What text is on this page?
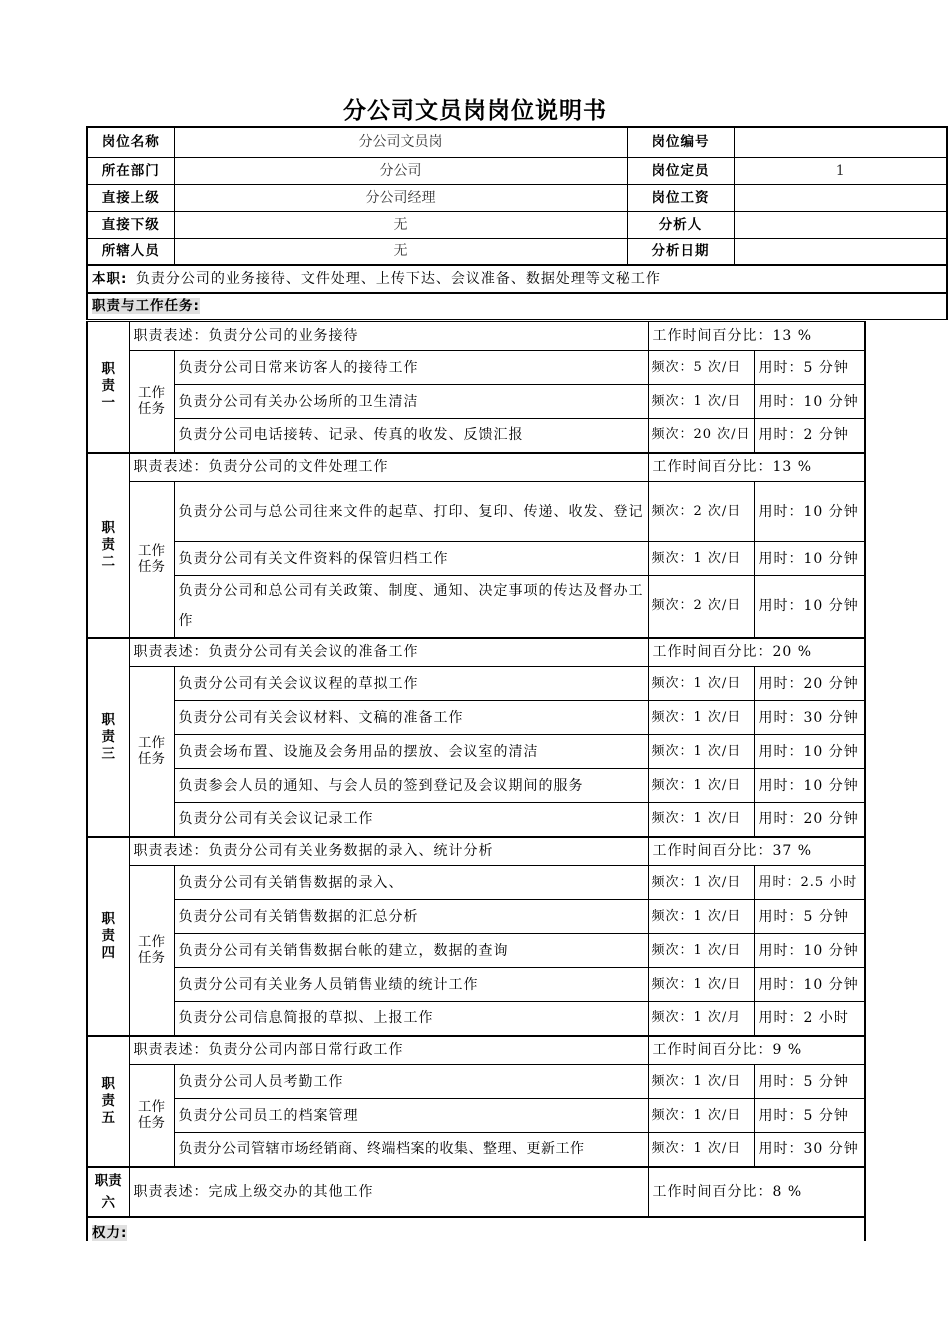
分公司文员岗岗位说明书
岗位名称	分公司文员岗	岗位编号	
所在部门	分公司	岗位定员	1
直接上级	分公司经理	岗位工资	
直接下级	无	分析人	
所辖人员	无	分析日期	
本职: 负责分公司的业务接待、文件处理、上传下达、会议准备、数据处理等文秘工作			
职责与工作任务:			
职
责
一	职责表述：负责分公司的业务接待		工作时间百分比：13 %	
	工作
任务	负责分公司日常来访客人的接待工作	频次：5 次/日	用时：5 分钟
		负责分公司有关办公场所的卫生清洁	频次：1 次/日	用时：10 分钟
		负责分公司电话接转、记录、传真的收发、反馈汇报	频次：20 次/日	用时：2 分钟
职
责
二	职责表述：负责分公司的文件处理工作		工作时间百分比：13 %	
	工作
任务	负责分公司与总公司往来文件的起草、打印、复印、传递、收发、登记	频次：2 次/日	用时：10 分钟
		负责分公司有关文件资料的保管归档工作	频次：1 次/日	用时：10 分钟
		负责分公司和总公司有关政策、制度、通知、决定事项的传达及督办工作	频次：2 次/日	用时：10 分钟
职
责
三	职责表述：负责分公司有关会议的准备工作		工作时间百分比：20 %	
	工作
任务	负责分公司有关会议议程的草拟工作	频次：1 次/日	用时：20 分钟
		负责分公司有关会议材料、文稿的准备工作	频次：1 次/日	用时：30 分钟
		负责会场布置、设施及会务用品的摆放、会议室的清洁	频次：1 次/日	用时：10 分钟
		负责参会人员的通知、与会人员的签到登记及会议期间的服务	频次：1 次/日	用时：10 分钟
		负责分公司有关会议记录工作	频次：1 次/日	用时：20 分钟
职
责
四	职责表述：负责分公司有关业务数据的录入、统计分析		工作时间百分比：37 %	
	工作
任务	负责分公司有关销售数据的录入、	频次：1 次/日	用时：2.5 小时
		负责分公司有关销售数据的汇总分析	频次：1 次/日	用时：5 分钟
		负责分公司有关销售数据台帐的建立，数据的查询	频次：1 次/日	用时：10 分钟
		负责分公司有关业务人员销售业绩的统计工作	频次：1 次/日	用时：10 分钟
		负责分公司信息简报的草拟、上报工作	频次：1 次/月	用时：2 小时
职
责
五	职责表述：负责分公司内部日常行政工作		工作时间百分比：9 %	
	工作
任务	负责分公司人员考勤工作	频次：1 次/日	用时：5 分钟
		负责分公司员工的档案管理	频次：1 次/日	用时：5 分钟
		负责分公司管辖市场经销商、终端档案的收集、整理、更新工作	频次：1 次/日	用时：30 分钟
职责
六	职责表述：完成上级交办的其他工作		工作时间百分比：8 %	
权力:				
